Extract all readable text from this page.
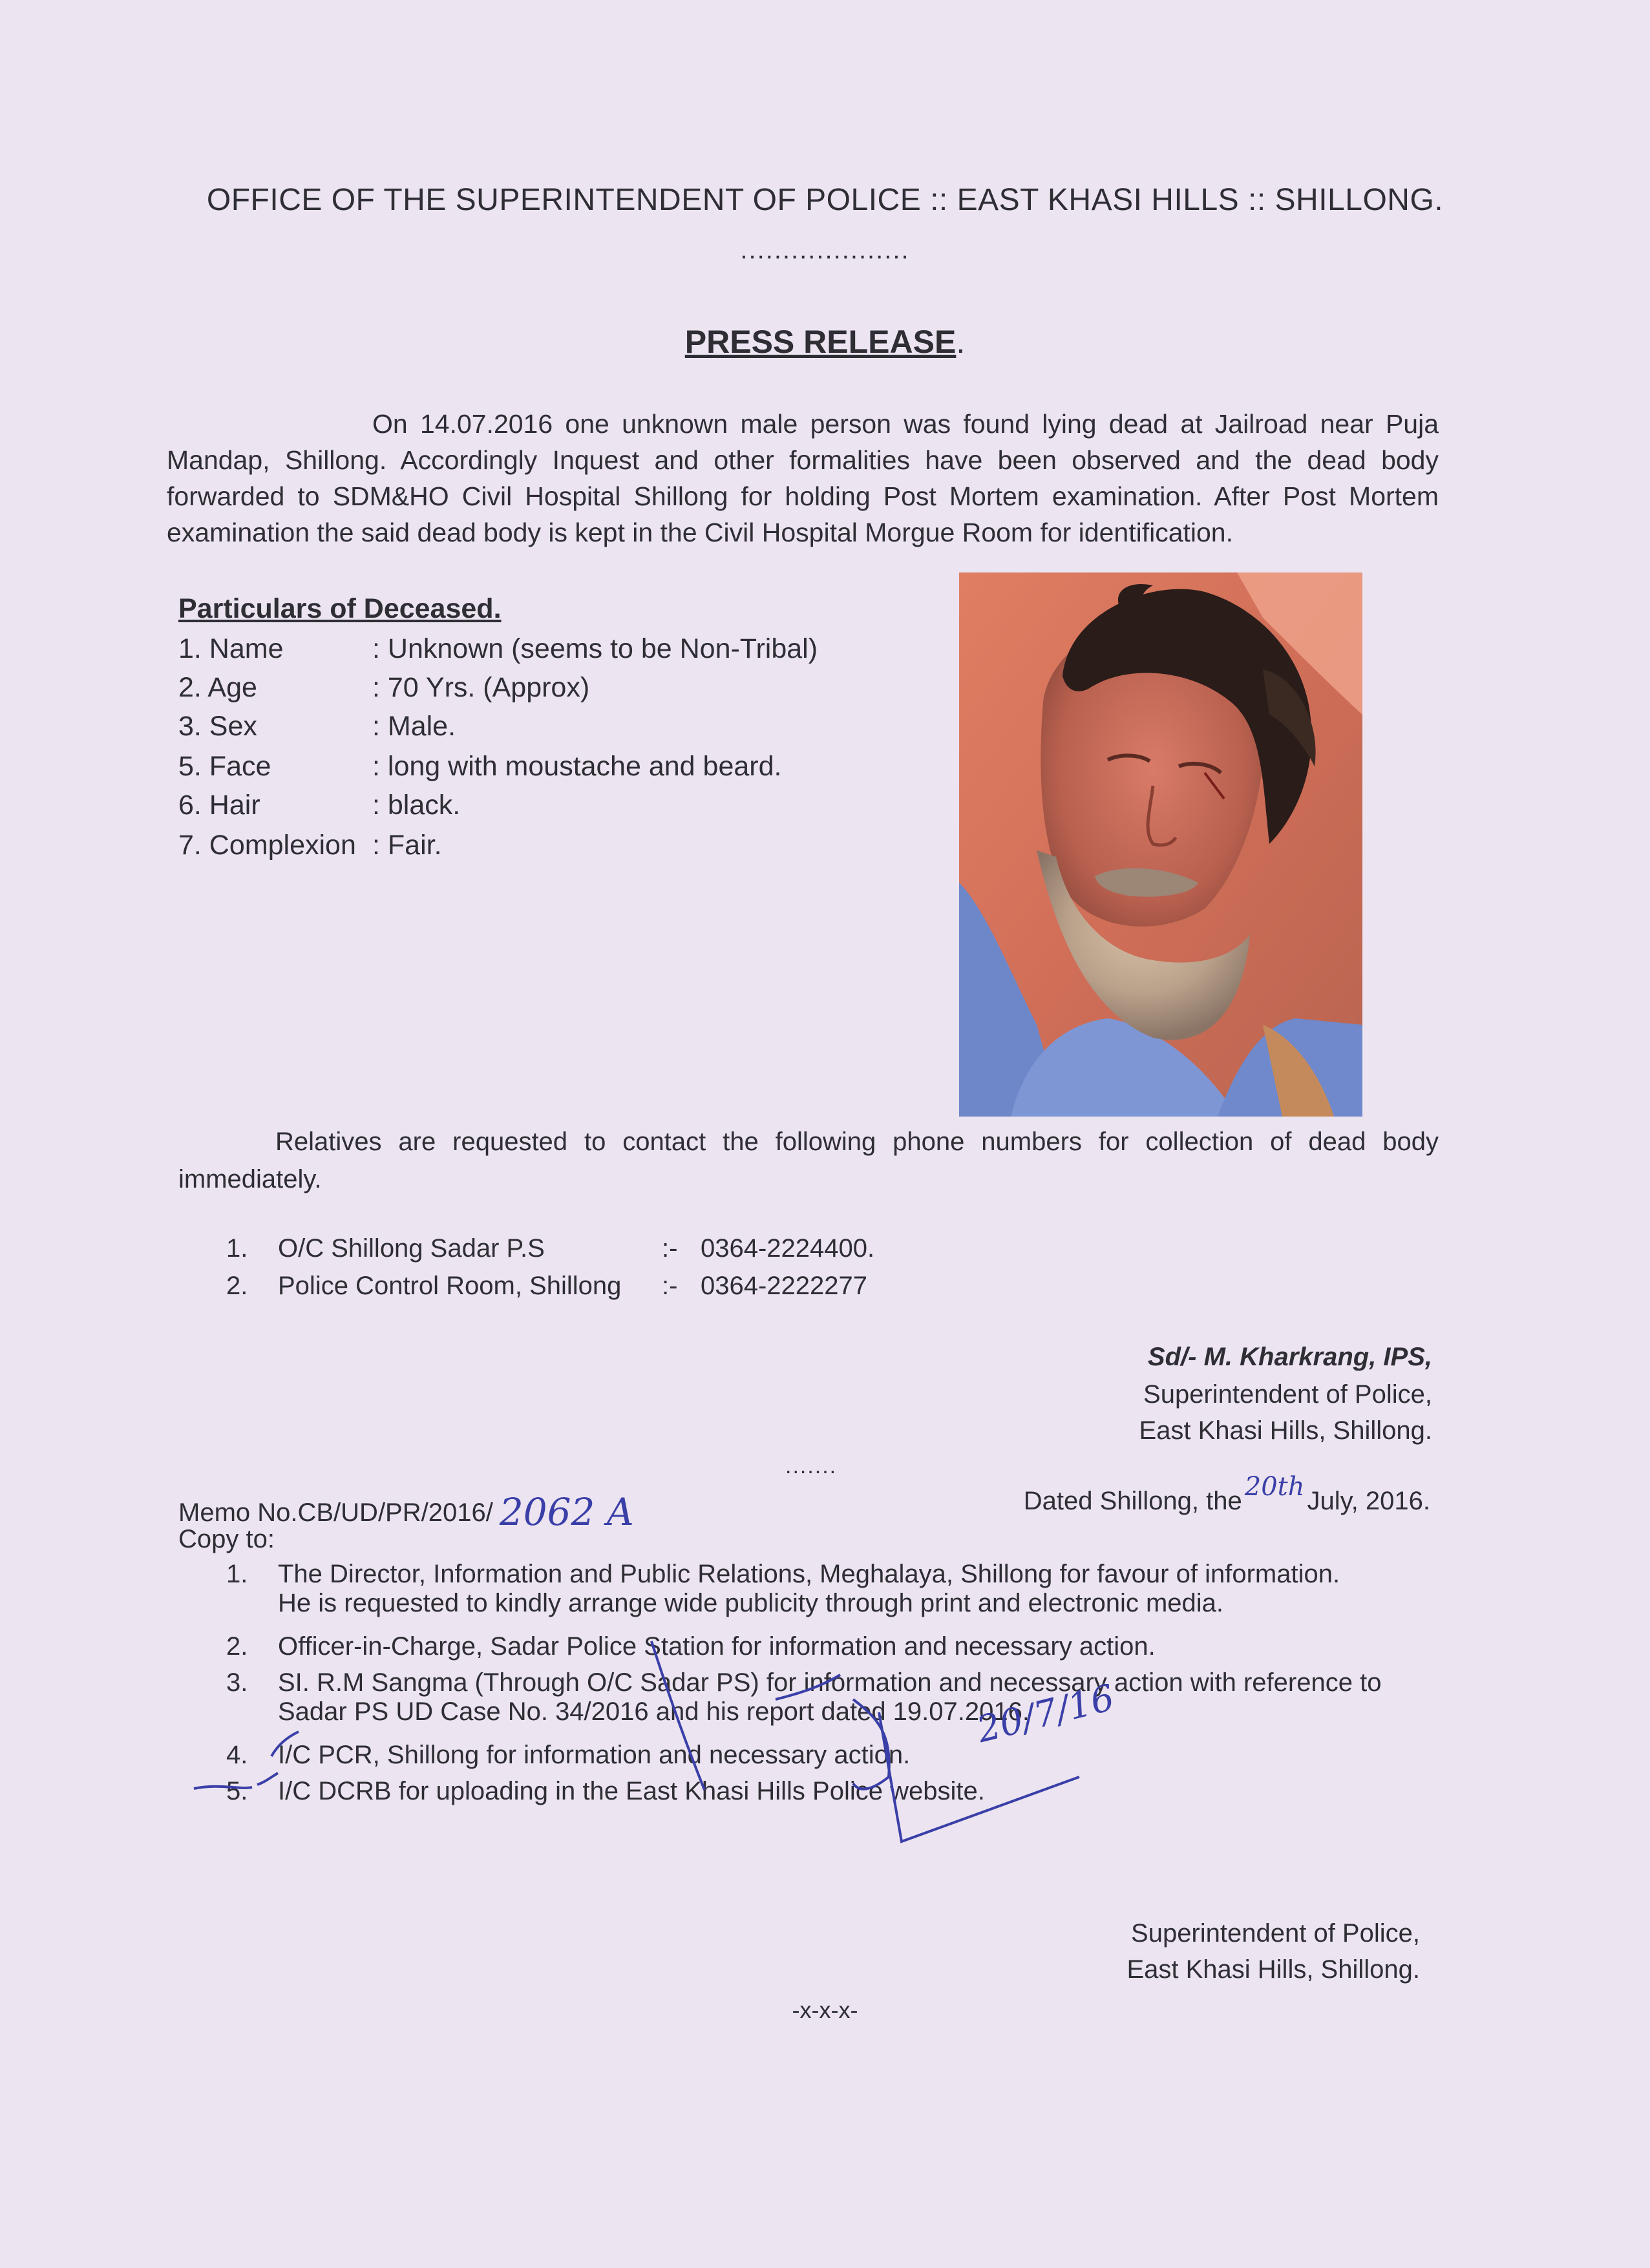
OFFICE OF THE SUPERINTENDENT OF POLICE :: EAST KHASI HILLS :: SHILLONG.
....................
PRESS RELEASE.

On 14.07.2016 one unknown male person was found lying dead at Jailroad near Puja Mandap, Shillong. Accordingly Inquest and other formalities have been observed and the dead body forwarded to SDM&HO Civil Hospital Shillong for holding Post Mortem examination. After Post Mortem examination the said dead body is kept in the Civil Hospital Morgue Room for identification.

Particulars of Deceased.
1. Name	: Unknown (seems to be Non-Tribal)
2. Age	: 70 Yrs. (Approx)
3. Sex	: Male.
5. Face	: long with moustache and beard.
6. Hair	: black.
7. Complexion : Fair.

Relatives are requested to contact the following phone numbers for collection of dead body immediately.

1. O/C Shillong Sadar P.S	:- 0364-2224400.
2. Police Control Room, Shillong :- 0364-2222277
Sd/- M. Kharkrang, IPS,
Superintendent of Police,
East Khasi Hills, Shillong.
.......
Memo No.CB/UD/PR/2016/ 2062 A	Dated Shillong, the 20th July, 2016.
Copy to:
1. The Director, Information and Public Relations, Meghalaya, Shillong for favour of information.
He is requested to kindly arrange wide publicity through print and electronic media.
2. Officer-in-Charge, Sadar Police Station for information and necessary action.
3. SI. R.M Sangma (Through O/C Sadar PS) for information and necessary action with reference to
Sadar PS UD Case No. 34/2016 and his report dated 19.07.2016.
4. I/C PCR, Shillong for information and necessary action.
5. I/C DCRB for uploading in the East Khasi Hills Police website.
20/7/16
Superintendent of Police,
East Khasi Hills, Shillong.
-x-x-x-
